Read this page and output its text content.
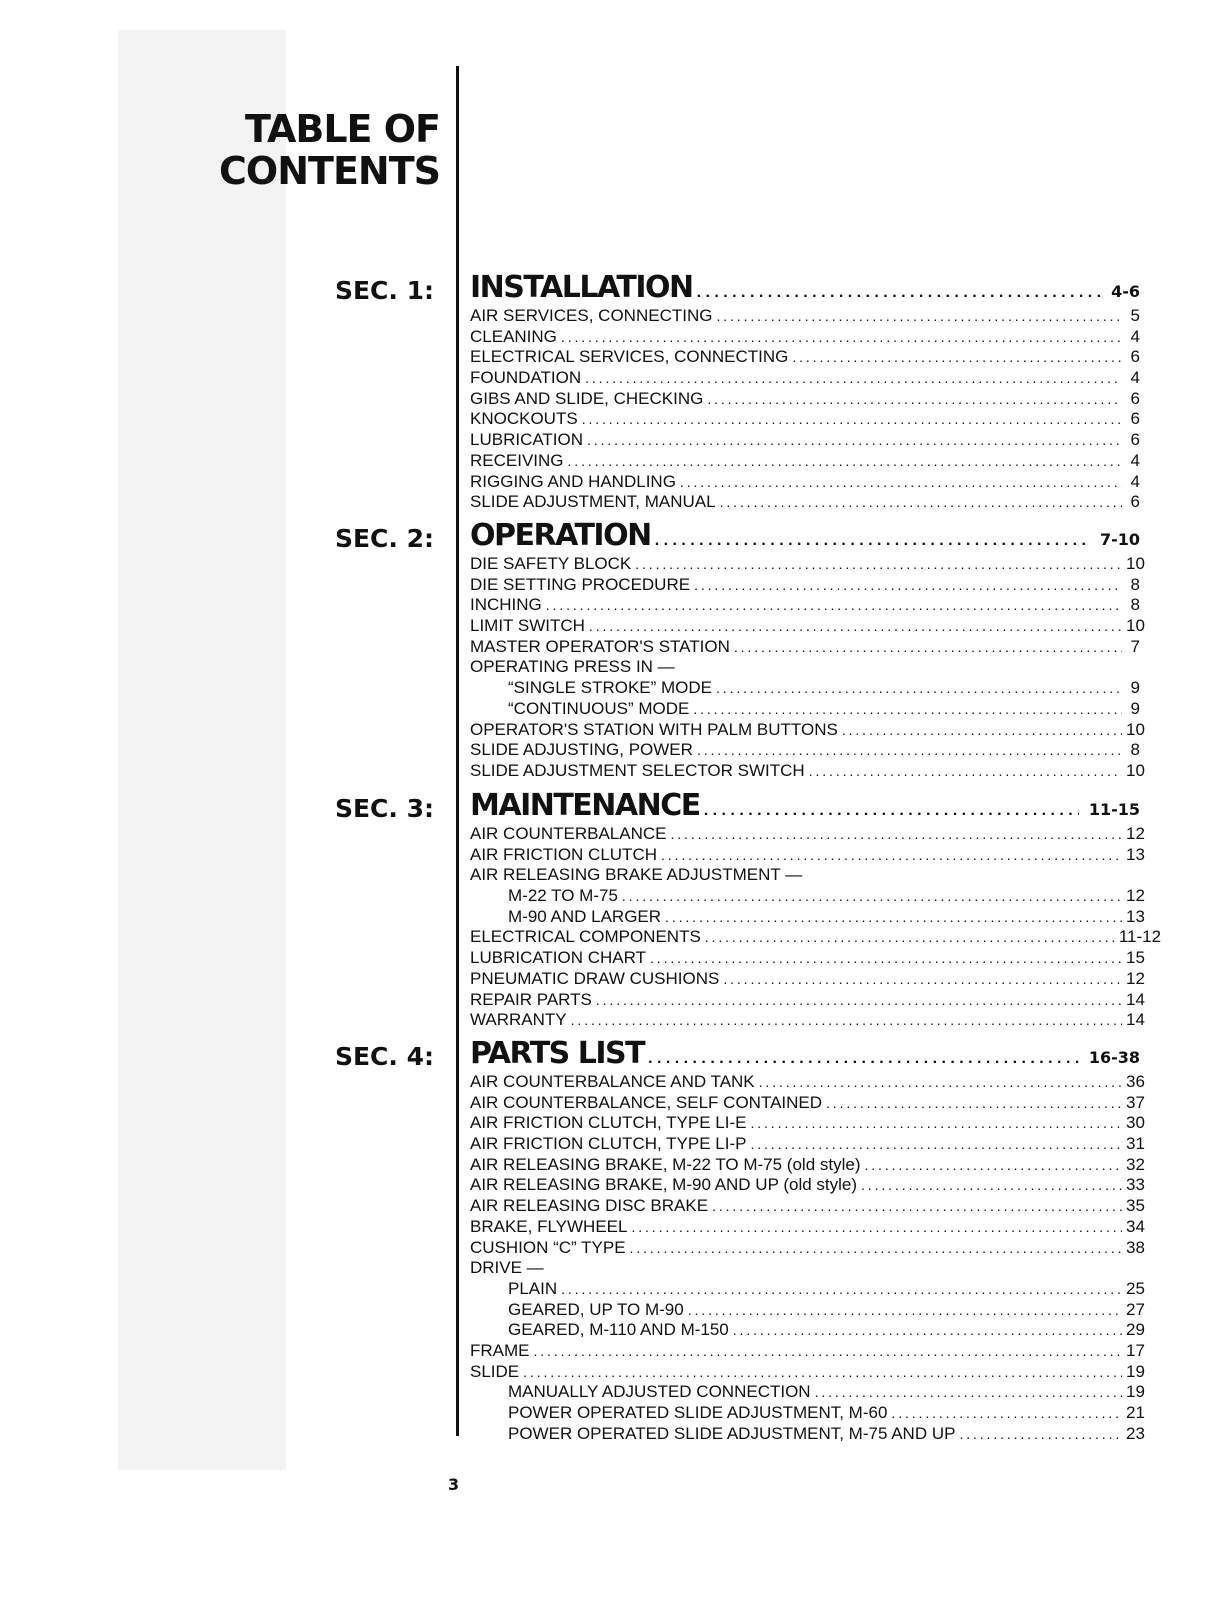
TABLE OF
CONTENTS

SEC. 1: INSTALLATION . . .	4-6
AIR SERVICES, CONNECTING . . .	5
CLEANING . . .	4
ELECTRICAL SERVICES, CONNECTING . . .	6
FOUNDATION . . .	4
GIBS AND SLIDE, CHECKING . . .	6
KNOCKOUTS . . .	6
LUBRICATION . . .	6
RECEIVING . . .	4
RIGGING AND HANDLING . . .	4
SLIDE ADJUSTMENT, MANUAL . . .	6

SEC. 2: OPERATION . . .	7-10
DIE SAFETY BLOCK . . .	10
DIE SETTING PROCEDURE . . .	8
INCHING . . .	8
LIMIT SWITCH . . .	10
MASTER OPERATOR'S STATION . . .	7
OPERATING PRESS IN —
“SINGLE STROKE” MODE . . .	9
“CONTINUOUS” MODE . . .	9
OPERATOR'S STATION WITH PALM BUTTONS . . .	10
SLIDE ADJUSTING, POWER . . .	8
SLIDE ADJUSTMENT SELECTOR SWITCH . . .	10

SEC. 3: MAINTENANCE . . .	11-15
AIR COUNTERBALANCE . . .	12
AIR FRICTION CLUTCH . . .	13
AIR RELEASING BRAKE ADJUSTMENT —
M-22 TO M-75 . . .	12
M-90 AND LARGER . . .	13
ELECTRICAL COMPONENTS . . .	11-12
LUBRICATION CHART . . .	15
PNEUMATIC DRAW CUSHIONS . . .	12
REPAIR PARTS . . .	14
WARRANTY . . .	14

SEC. 4: PARTS LIST . . .	16-38
AIR COUNTERBALANCE AND TANK . . .	36
AIR COUNTERBALANCE, SELF CONTAINED . . .	37
AIR FRICTION CLUTCH, TYPE LI-E . . .	30
AIR FRICTION CLUTCH, TYPE LI-P . . .	31
AIR RELEASING BRAKE, M-22 TO M-75 (old style) . . .	32
AIR RELEASING BRAKE, M-90 AND UP (old style) . . .	33
AIR RELEASING DISC BRAKE . . .	35
BRAKE, FLYWHEEL . . .	34
CUSHION “C” TYPE . . .	38
DRIVE —
PLAIN . . .	25
GEARED, UP TO M-90 . . .	27
GEARED, M-110 AND M-150 . . .	29
FRAME . . .	17
SLIDE . . .	19
MANUALLY ADJUSTED CONNECTION . . .	19
POWER OPERATED SLIDE ADJUSTMENT, M-60 . . .	21
POWER OPERATED SLIDE ADJUSTMENT, M-75 AND UP . . .	23

3
